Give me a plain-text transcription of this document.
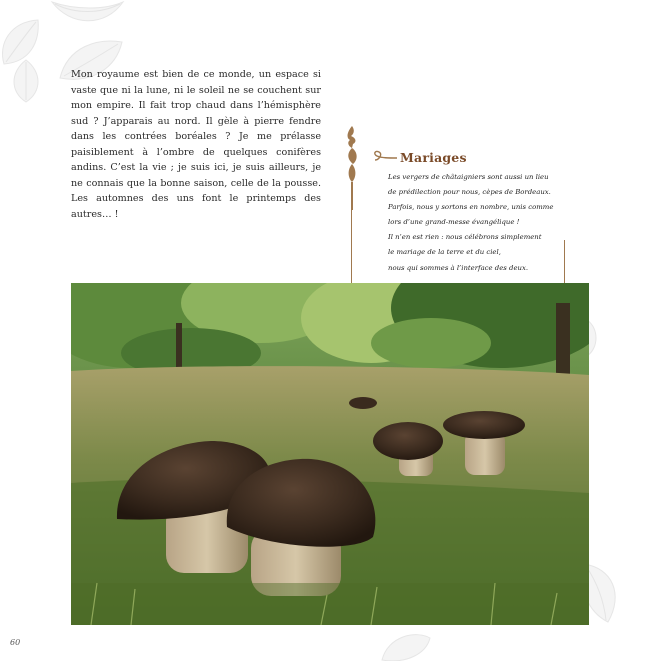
Mon royaume est bien de ce monde, un espace si vaste que ni la lune, ni le soleil ne se couchent sur mon empire. Il fait trop chaud dans l’hémisphère sud ? J’apparais au nord. Il gèle à pierre fendre dans les contrées boréales ? Je me prélasse paisiblement à l’ombre de quelques conifères andins. C’est la vie ; je suis ici, je suis ailleurs, je ne connais que la bonne saison, celle de la pousse. Les automnes des uns font le printemps des autres… !

Mariages

Les vergers de châtaigniers sont aussi un lieu
de prédilection pour nous, cèpes de Bordeaux.
Parfois, nous y sortons en nombre, unis comme
lors d’une grand-messe évangélique !
Il n’en est rien : nous célébrons simplement
le mariage de la terre et du ciel,
nous qui sommes à l’interface des deux.

60
